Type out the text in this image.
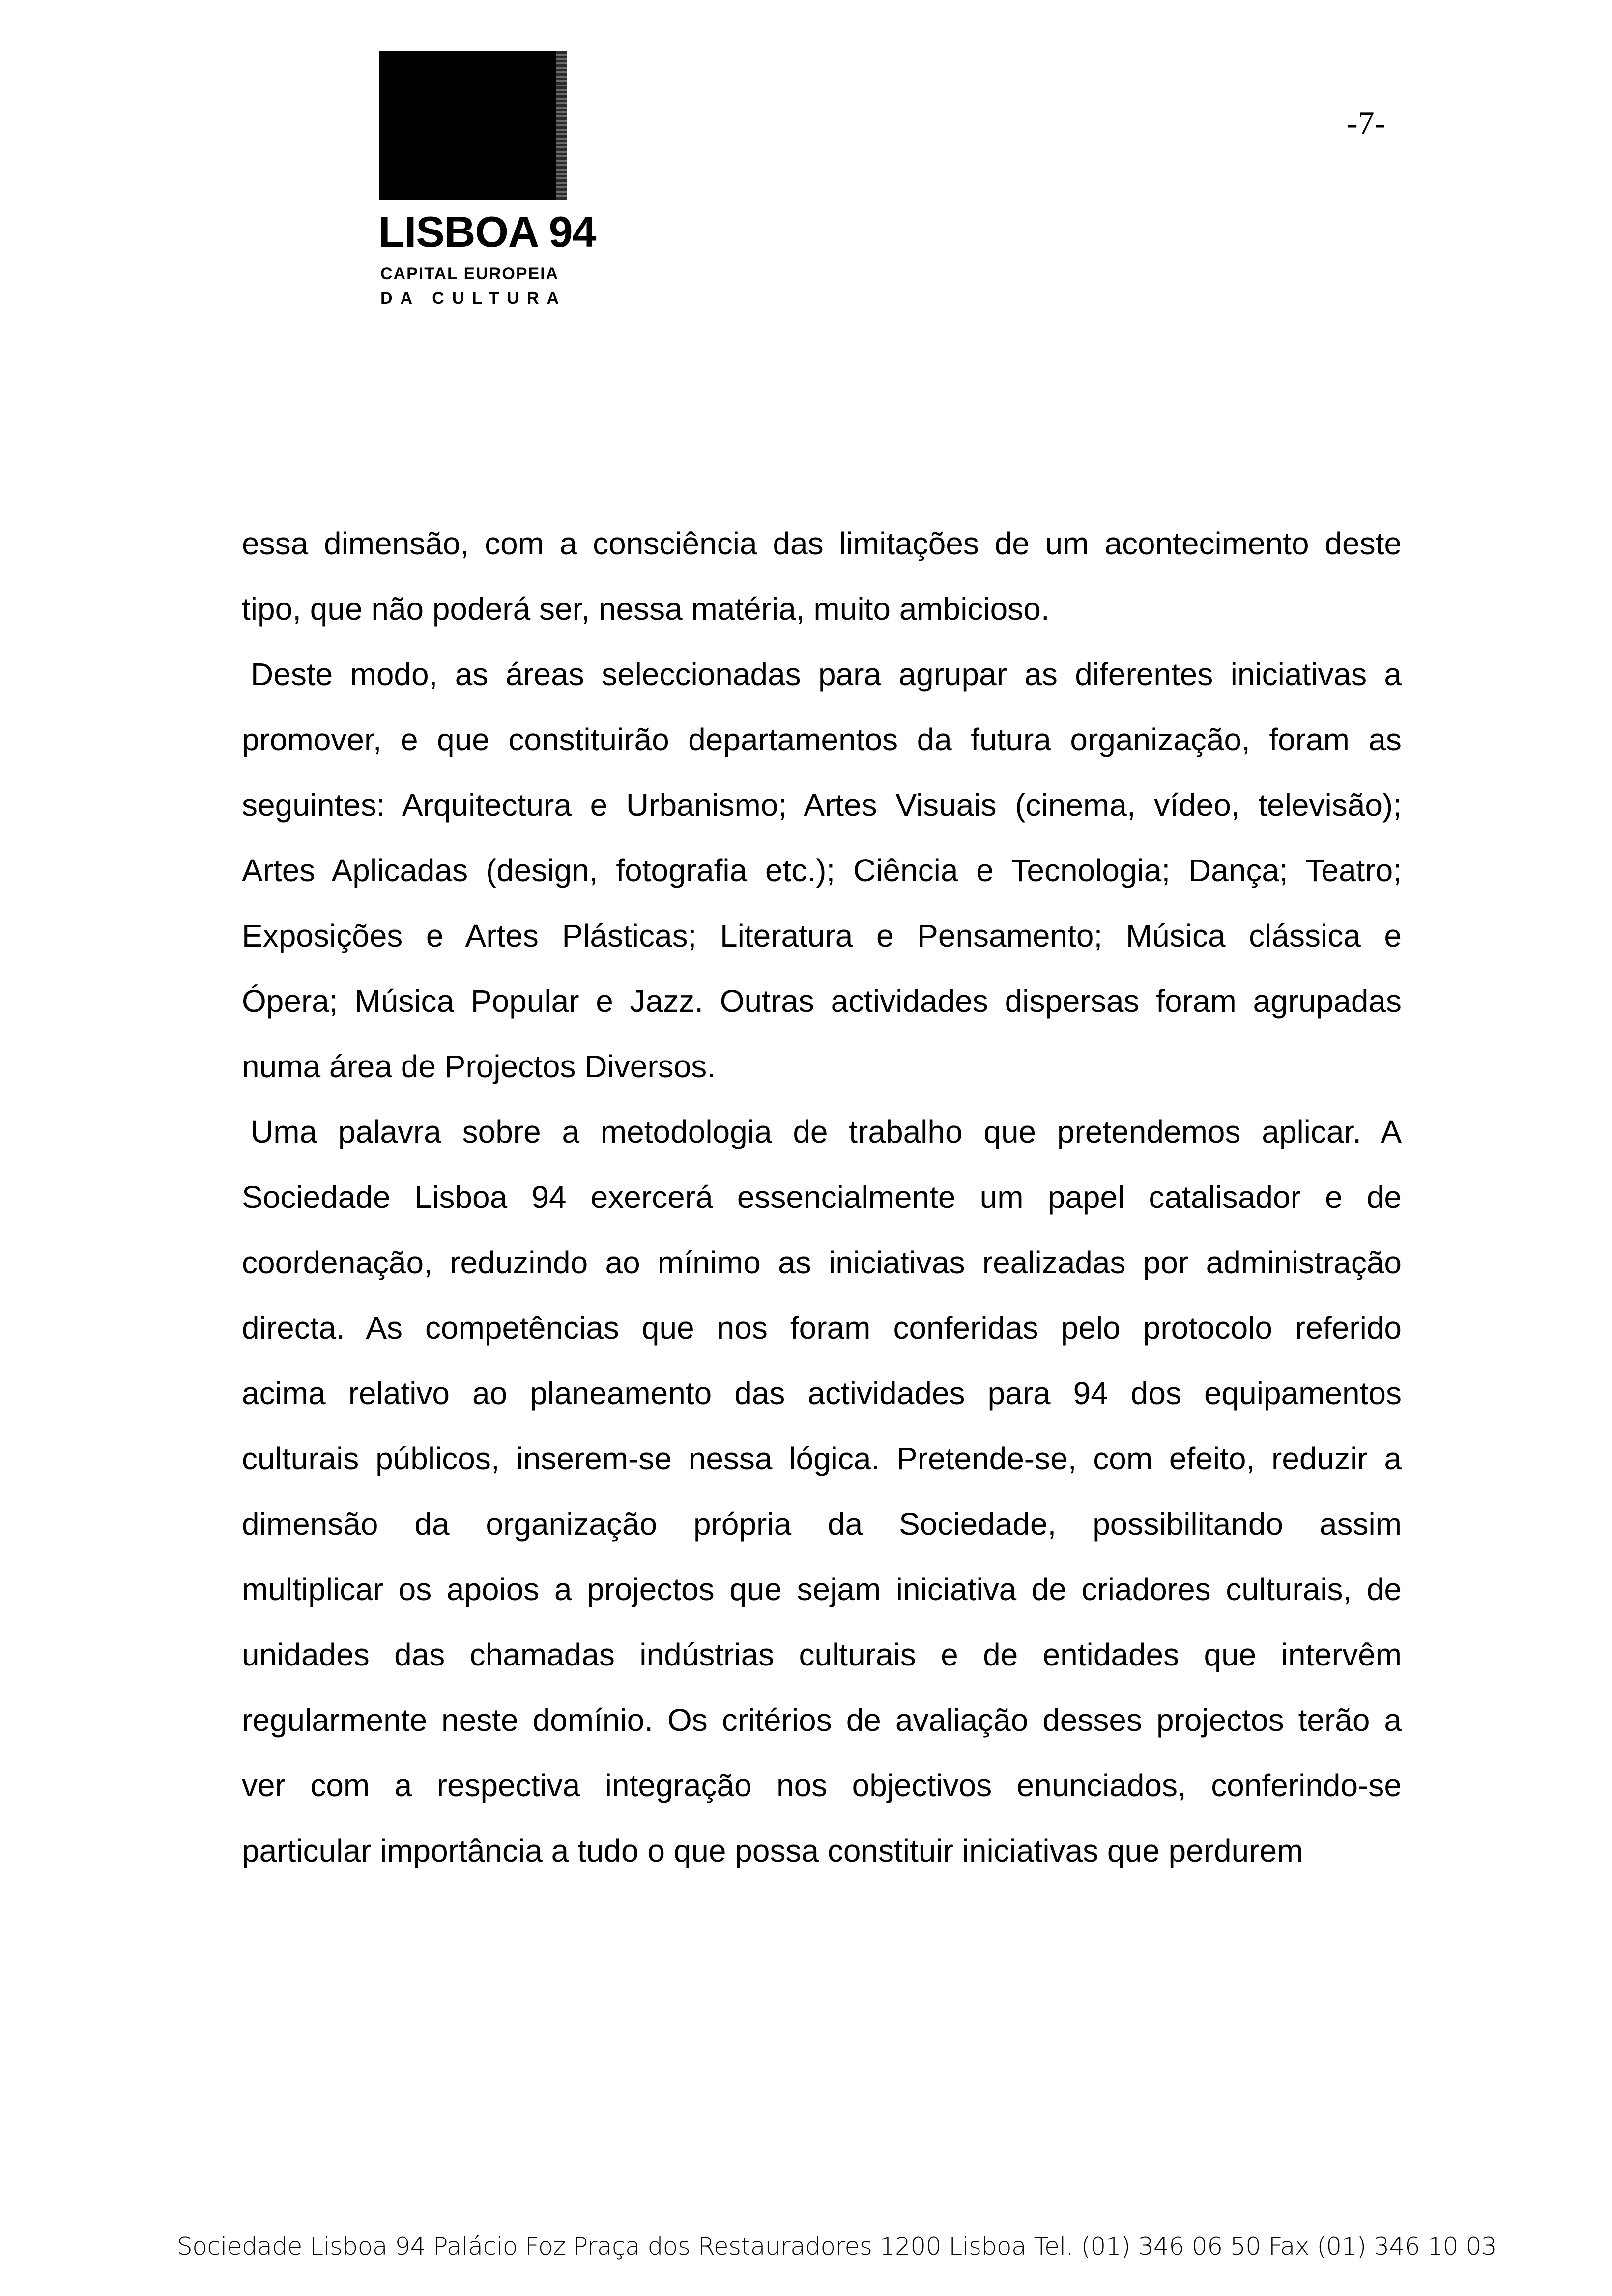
LISBOA 94
CAPITAL EUROPEIA
DA CULTURA
-7-
essa dimensão, com a consciência das limitações de um acontecimento deste
tipo, que não poderá ser, nessa matéria, muito ambicioso.
Deste modo, as áreas seleccionadas para agrupar as diferentes iniciativas a
promover, e que constituirão departamentos da futura organização, foram as
seguintes: Arquitectura e Urbanismo; Artes Visuais (cinema, vídeo, televisão);
Artes Aplicadas (design, fotografia etc.); Ciência e Tecnologia; Dança; Teatro;
Exposições e Artes Plásticas; Literatura e Pensamento; Música clássica e
Ópera; Música Popular e Jazz. Outras actividades dispersas foram agrupadas
numa área de Projectos Diversos.
Uma palavra sobre a metodologia de trabalho que pretendemos aplicar. A
Sociedade Lisboa 94 exercerá essencialmente um papel catalisador e de
coordenação, reduzindo ao mínimo as iniciativas realizadas por administração
directa. As competências que nos foram conferidas pelo protocolo referido
acima relativo ao planeamento das actividades para 94 dos equipamentos
culturais públicos, inserem-se nessa lógica. Pretende-se, com efeito, reduzir a
dimensão da organização própria da Sociedade, possibilitando assim
multiplicar os apoios a projectos que sejam iniciativa de criadores culturais, de
unidades das chamadas indústrias culturais e de entidades que intervêm
regularmente neste domínio. Os critérios de avaliação desses projectos terão a
ver com a respectiva integração nos objectivos enunciados, conferindo-se
particular importância a tudo o que possa constituir iniciativas que perdurem
Sociedade Lisboa 94 Palácio Foz Praça dos Restauradores 1200 Lisboa Tel. (01) 346 06 50 Fax (01) 346 10 03
